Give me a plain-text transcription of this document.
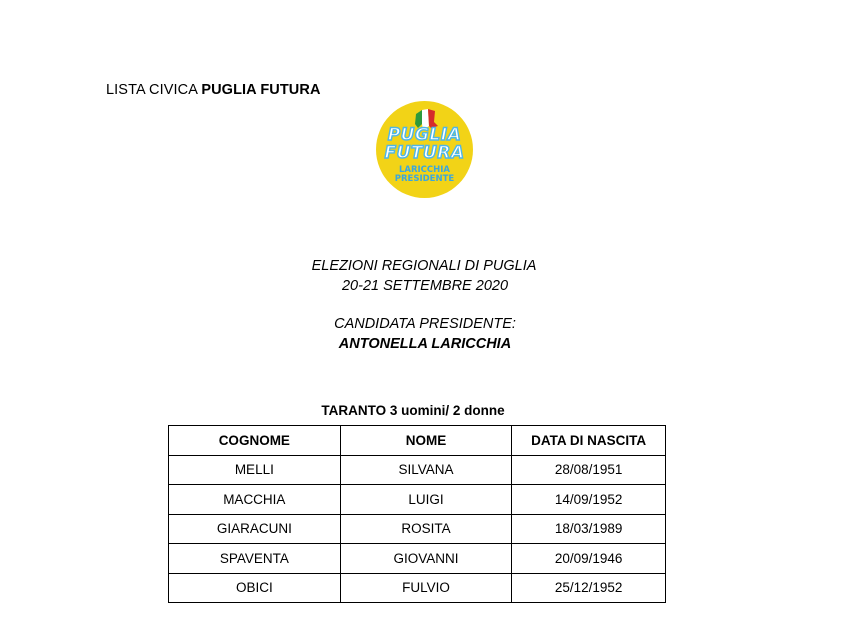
LISTA CIVICA PUGLIA FUTURA
PUGLIA
FUTURA
LARICCHIA
PRESIDENTE
ELEZIONI REGIONALI DI PUGLIA
20-21 SETTEMBRE 2020
CANDIDATA PRESIDENTE:
ANTONELLA LARICCHIA
TARANTO 3 uomini/ 2 donne
COGNOME	NOME	DATA DI NASCITA
MELLI	SILVANA	28/08/1951
MACCHIA	LUIGI	14/09/1952
GIARACUNI	ROSITA	18/03/1989
SPAVENTA	GIOVANNI	20/09/1946
OBICI	FULVIO	25/12/1952
